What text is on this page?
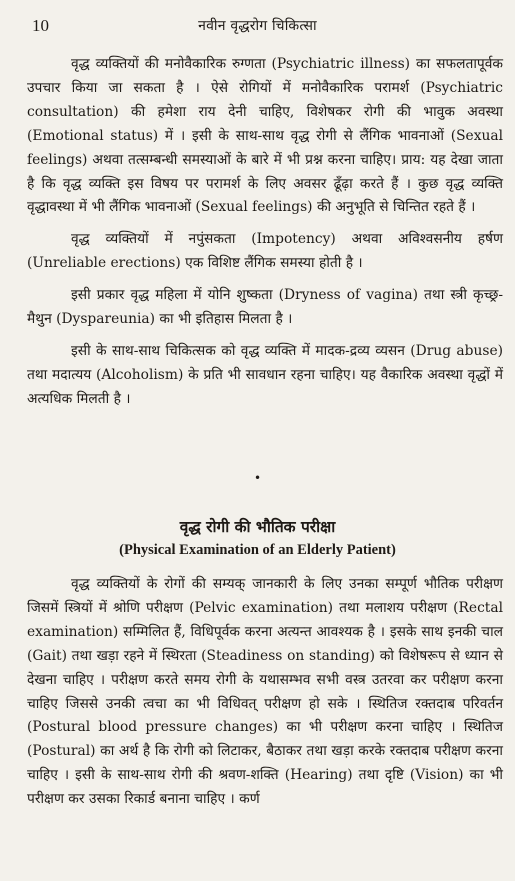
10	नवीन वृद्धरोग चिकित्सा

वृद्ध व्यक्तियों की मनोवैकारिक रुग्णता (Psychiatric illness) का सफलतापूर्वक उपचार किया जा सकता है । ऐसे रोगियों में मनोवैकारिक परामर्श (Psychiatric consultation) की हमेशा राय देनी चाहिए, विशेषकर रोगी की भावुक अवस्था (Emotional status) में । इसी के साथ-साथ वृद्ध रोगी से लैंगिक भावनाओं (Sexual feelings) अथवा तत्सम्बन्धी समस्याओं के बारे में भी प्रश्न करना चाहिए। प्राय: यह देखा जाता है कि वृद्ध व्यक्ति इस विषय पर परामर्श के लिए अवसर ढूँढ़ा करते हैं । कुछ वृद्ध व्यक्ति वृद्धावस्था में भी लैंगिक भावनाओं (Sexual feelings) की अनुभूति से चिन्तित रहते हैं ।

वृद्ध व्यक्तियों में नपुंसकता (Impotency) अथवा अविश्वसनीय हर्षण (Unreliable erections) एक विशिष्ट लैंगिक समस्या होती है ।

इसी प्रकार वृद्ध महिला में योनि शुष्कता (Dryness of vagina) तथा स्त्री कृच्छ्र-मैथुन (Dyspareunia) का भी इतिहास मिलता है ।

इसी के साथ-साथ चिकित्सक को वृद्ध व्यक्ति में मादक-द्रव्य व्यसन (Drug abuse) तथा मदात्यय (Alcoholism) के प्रति भी सावधान रहना चाहिए। यह वैकारिक अवस्था वृद्धों में अत्यधिक मिलती है ।

•
वृद्ध रोगी की भौतिक परीक्षा
(Physical Examination of an Elderly Patient)

वृद्ध व्यक्तियों के रोगों की सम्यक् जानकारी के लिए उनका सम्पूर्ण भौतिक परीक्षण जिसमें स्त्रियों में श्रोणि परीक्षण (Pelvic examination) तथा मलाशय परीक्षण (Rectal examination) सम्मिलित हैं, विधिपूर्वक करना अत्यन्त आवश्यक है । इसके साथ इनकी चाल (Gait) तथा खड़ा रहने में स्थिरता (Steadiness on standing) को विशेषरूप से ध्यान से देखना चाहिए । परीक्षण करते समय रोगी के यथासम्भव सभी वस्त्र उतरवा कर परीक्षण करना चाहिए जिससे उनकी त्वचा का भी विधिवत् परीक्षण हो सके । स्थितिज रक्तदाब परिवर्तन (Postural blood pressure changes) का भी परीक्षण करना चाहिए । स्थितिज (Postural) का अर्थ है कि रोगी को लिटाकर, बैठाकर तथा खड़ा करके रक्तदाब परीक्षण करना चाहिए । इसी के साथ-साथ रोगी की श्रवण-शक्ति (Hearing) तथा दृष्टि (Vision) का भी परीक्षण कर उसका रिकार्ड बनाना चाहिए । कर्ण
